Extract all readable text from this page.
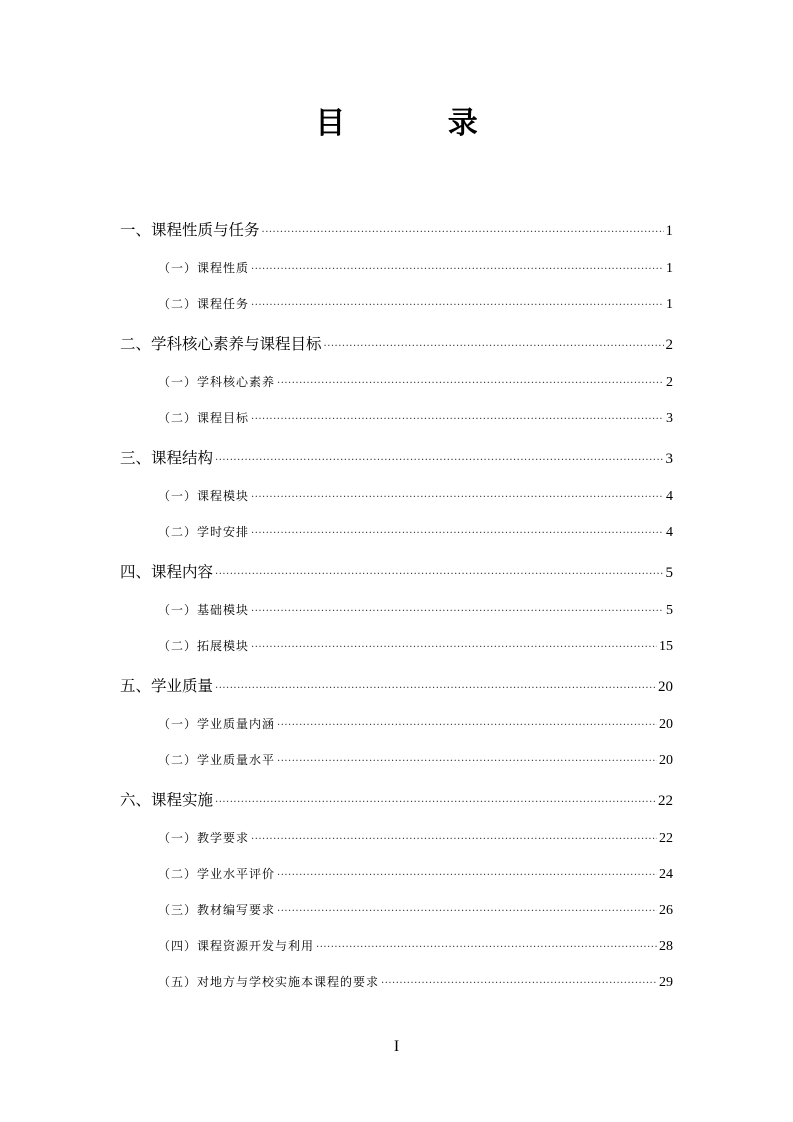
目 录
一、课程性质与任务 ·····	1
（一）课程性质 ·····	1
（二）课程任务 ·····	1
二、学科核心素养与课程目标 ·····	2
（一）学科核心素养 ·····	2
（二）课程目标 ·····	3
三、课程结构 ·····	3
（一）课程模块 ·····	4
（二）学时安排 ·····	4
四、课程内容 ·····	5
（一）基础模块 ·····	5
（二）拓展模块 ·····	15
五、学业质量 ·····	20
（一）学业质量内涵 ·····	20
（二）学业质量水平 ·····	20
六、课程实施 ·····	22
（一）教学要求 ·····	22
（二）学业水平评价 ·····	24
（三）教材编写要求 ·····	26
（四）课程资源开发与利用 ·····	28
（五）对地方与学校实施本课程的要求 ·····	29
I
